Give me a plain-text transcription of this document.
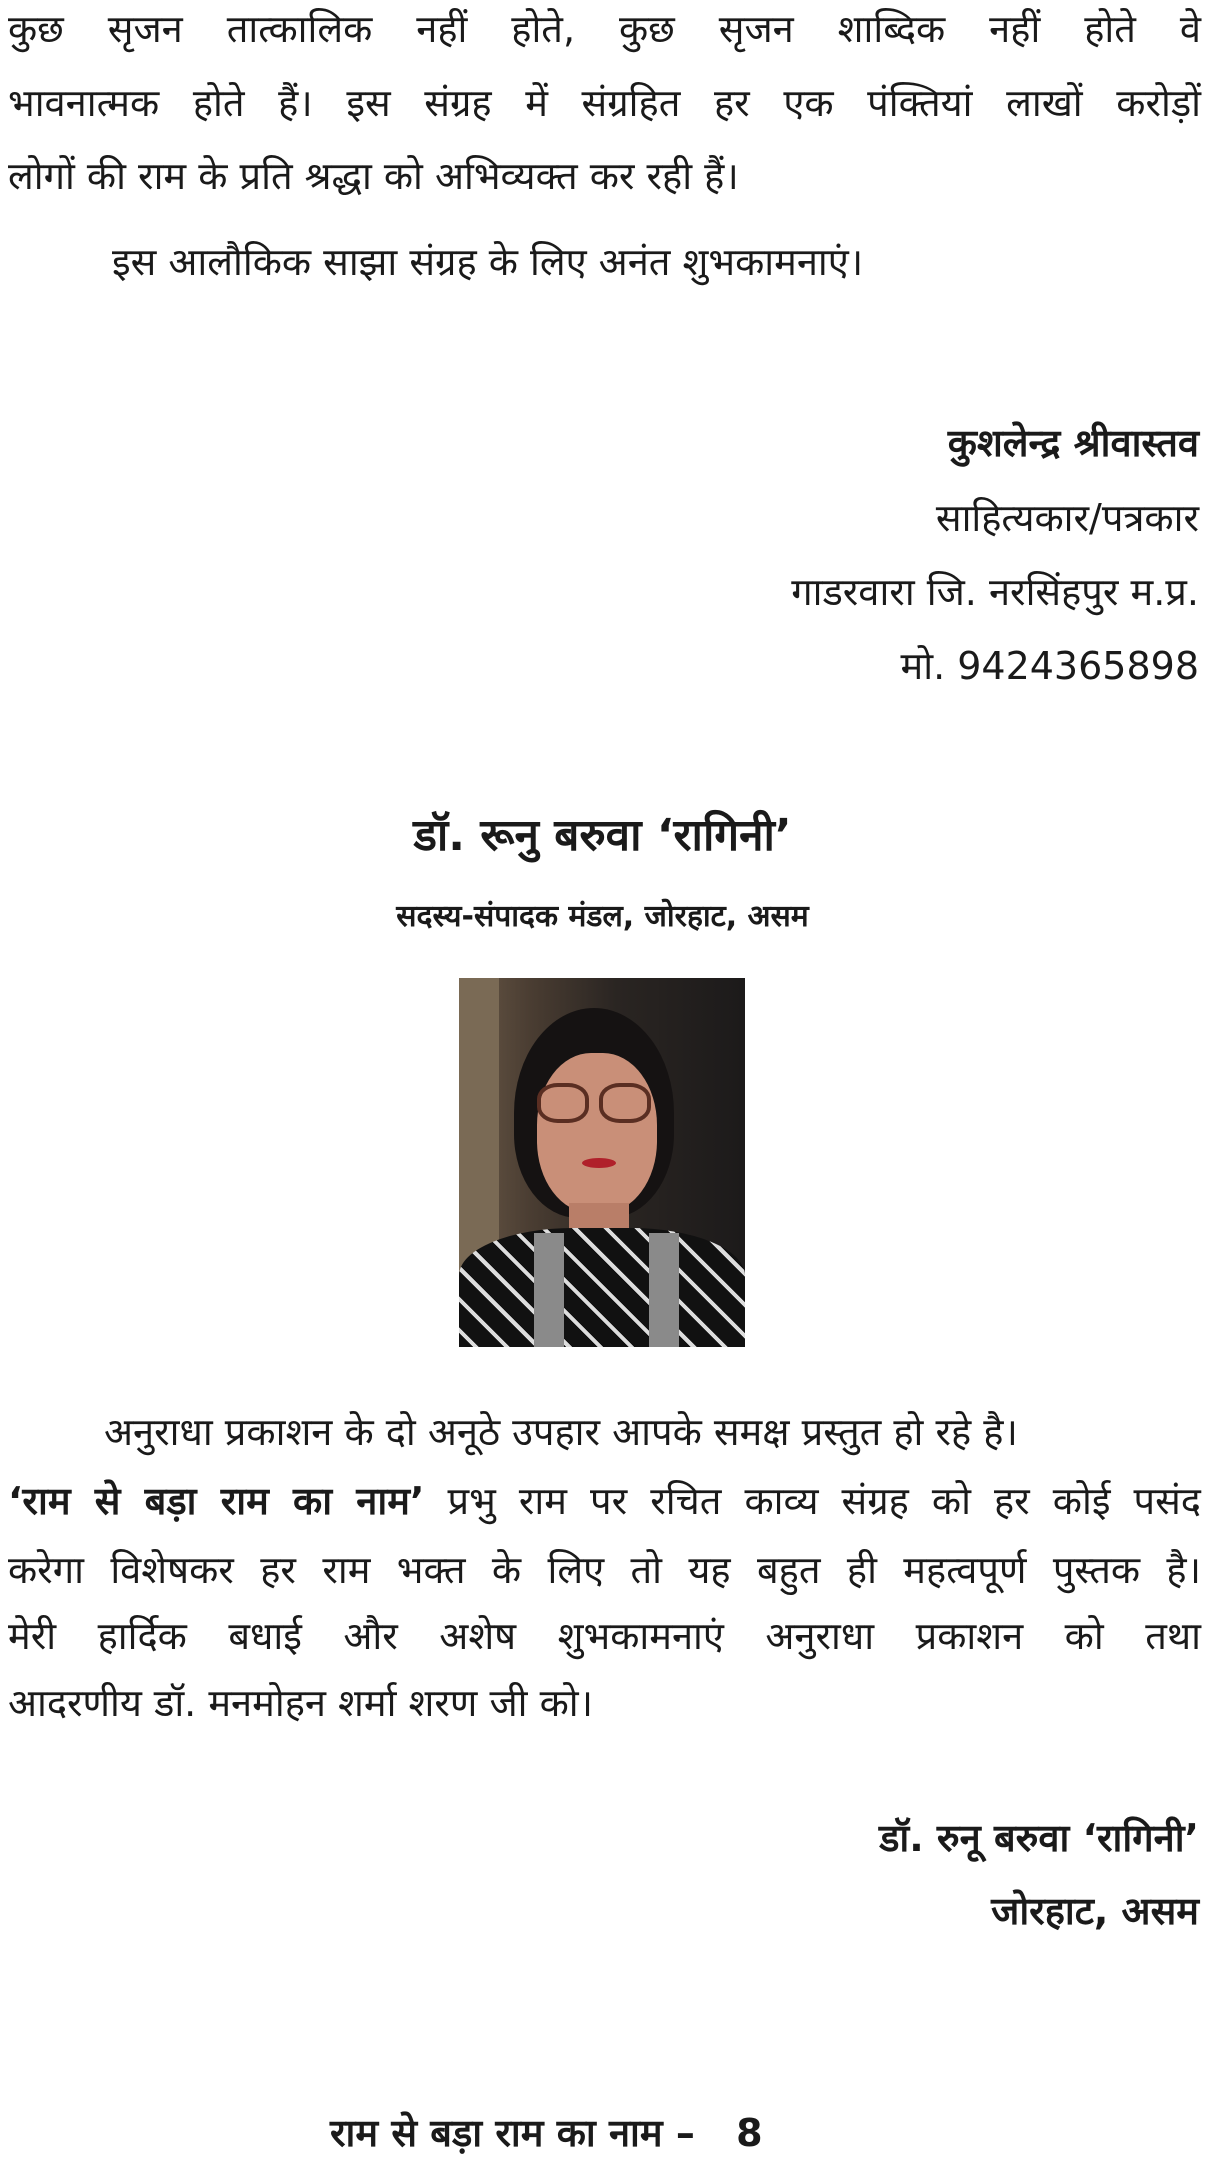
कुछ सृजन तात्कालिक नहीं होते, कुछ सृजन शाब्दिक नहीं होते वे
भावनात्मक होते हैं। इस संग्रह में संग्रहित हर एक पंक्तियां लाखों करोड़ों
लोगों की राम के प्रति श्रद्धा को अभिव्यक्त कर रही हैं।
इस आलौकिक साझा संग्रह के लिए अनंत शुभकामनाएं।
कुशलेन्द्र श्रीवास्तव
साहित्यकार/पत्रकार
गाडरवारा जि. नरसिंहपुर म.प्र.
मो. 9424365898
डॉ. रूनु बरुवा ‘रागिनी’
सदस्य-संपादक मंडल, जोरहाट, असम
अनुराधा प्रकाशन के दो अनूठे उपहार आपके समक्ष प्रस्तुत हो रहे है।
‘राम से बड़ा राम का नाम’ प्रभु राम पर रचित काव्य संग्रह को हर कोई पसंद
करेगा विशेषकर हर राम भक्त के लिए तो यह बहुत ही महत्वपूर्ण पुस्तक है।
मेरी हार्दिक बधाई और अशेष शुभकामनाएं अनुराधा प्रकाशन को तथा
आदरणीय डॉ. मनमोहन शर्मा शरण जी को।
डॉ. रुनू बरुवा ‘रागिनी’
जोरहाट, असम
राम से बड़ा राम का नाम – 8
